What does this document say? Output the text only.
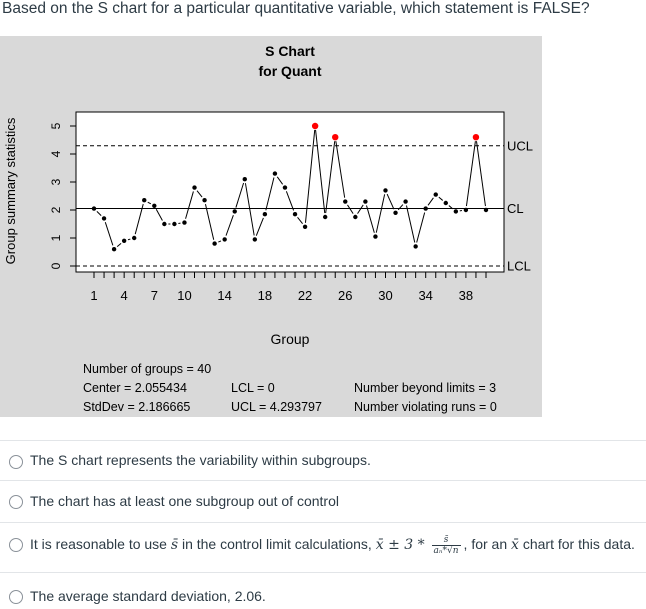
Based on the S chart for a particular quantitative variable, which statement is FALSE?
S Chart
for Quant
0
1
2
3
4
5
1 4 7 10 14 18 22 26 30 34 38
UCL
CL
LCL
Group
Group summary statistics
Number of groups = 40
Center = 2.055434
StdDev = 2.186665
LCL = 0
UCL = 4.293797
Number beyond limits = 3
Number violating runs = 0
The S chart represents the variability within subgroups.
The chart has at least one subgroup out of control
It is reasonable to use s̄ in the control limit calculations, x̄ ± $3 * \frac{s̄}{\text{aₙ*√n}}$ , for an x̄ chart for this data.
The average standard deviation, 2.06.
